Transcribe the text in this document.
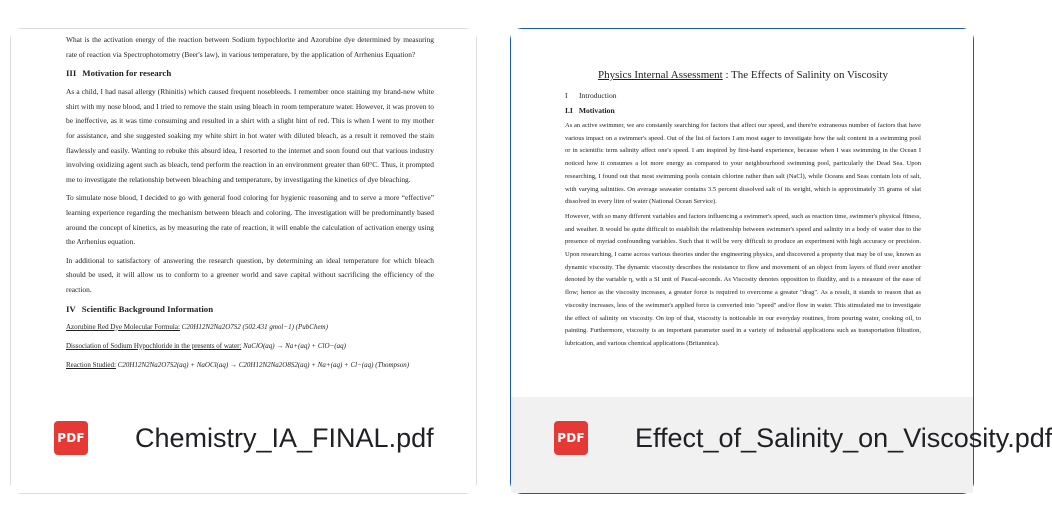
What is the activation energy of the reaction between Sodium hypochlorite and Azorubine dye determined by measuring rate of reaction via Spectrophotometry (Beer's law), in various temperature, by the application of Arrhenius Equation?

III Motivation for research

As a child, I had nasal allergy (Rhinitis) which caused frequent nosebleeds. I remember once staining my brand-new white shirt with my nose blood, and I tried to remove the stain using bleach in room temperature water. However, it was proven to be ineffective, as it was time consuming and resulted in a shirt with a slight hint of red. This is when I went to my mother for assistance, and she suggested soaking my white shirt in hot water with diluted bleach, as a result it removed the stain flawlessly and easily. Wanting to rebuke this absurd idea, I resorted to the internet and soon found out that various industry involving oxidizing agent such as bleach, tend perform the reaction in an environment greater than 60°C. Thus, it prompted me to investigate the relationship between bleaching and temperature, by investigating the kinetics of dye bleaching.

To simulate nose blood, I decided to go with general food coloring for hygienic reasoning and to serve a more “effective” learning experience regarding the mechanism between bleach and coloring. The investigation will be predominantly based around the concept of kinetics, as by measuring the rate of reaction, it will enable the calculation of activation energy using the Arrhenius equation.

In additional to satisfactory of answering the research question, by determining an ideal temperature for which bleach should be used, it will allow us to conform to a greener world and save capital without sacrificing the efficiency of the reaction.

IV Scientific Background Information

Azorubine Red Dye Molecular Formula: C20H12N2Na2O7S2 (502.431 gmol−1) (PubChem)

Dissociation of Sodium Hypochloride in the presents of water: NaClO(aq) → Na+(aq) + ClO−(aq)

Reaction Studied: C20H12N2Na2O7S2(aq) + NaOCl(aq) → C20H12N2Na2O8S2(aq) + Na+(aq) + Cl−(aq) (Thompson)

PDF Chemistry_IA_FINAL.pdf
Physics Internal Assessment : The Effects of Salinity on Viscosity
I Introduction
I.I Motivation

As an active swimmer, we are constantly searching for factors that affect our speed, and there're extraneous number of factors that have various impact on a swimmer's speed. Out of the list of factors I am most eager to investigate how the salt content in a swimming pool or in scientific term salinity affect one's speed. I am inspired by first-hand experience, because when I was swimming in the Ocean I noticed how it consumes a lot more energy as compared to your neighbourhood swimming pool, particularly the Dead Sea. Upon researching, I found out that most swimming pools contain chlorine rather than salt (NaCl), while Oceans and Seas contain lots of salt, with varying salinities. On average seawater contains 3.5 percent dissolved salt of its weight, which is approximately 35 grams of slat dissolved in every litre of water (National Ocean Service).

However, with so many different variables and factors influencing a swimmer's speed, such as reaction time, swimmer's physical fitness, and weather. It would be quite difficult to establish the relationship between swimmer's speed and salinity in a body of water due to the presence of myriad confounding variables. Such that it will be very difficult to produce an experiment with high accuracy or precision. Upon researching, I came across various theories under the engineering physics, and discovered a property that may be of use, known as dynamic viscosity. The dynamic viscosity describes the resistance to flow and movement of an object from layers of fluid over another denoted by the variable η, with a SI unit of Pascal-seconds. As Viscosity denotes opposition to fluidity, and is a measure of the ease of flow; hence as the viscosity increases, a greater force is required to overcome a greater "drag". As a result, it stands to reason that as viscosity increases, less of the swimmer's applied force is converted into "speed" and/or flow in water. This stimulated me to investigate the effect of salinity on viscosity. On top of that, viscosity is noticeable in our everyday routines, from pouring water, cooking oil, to painting. Furthermore, viscosity is an important parameter used in a variety of industrial applications such as transportation filtration, lubrication, and various chemical applications (Britannica).

PDF Effect_of_Salinity_on_Viscosity.pdf
